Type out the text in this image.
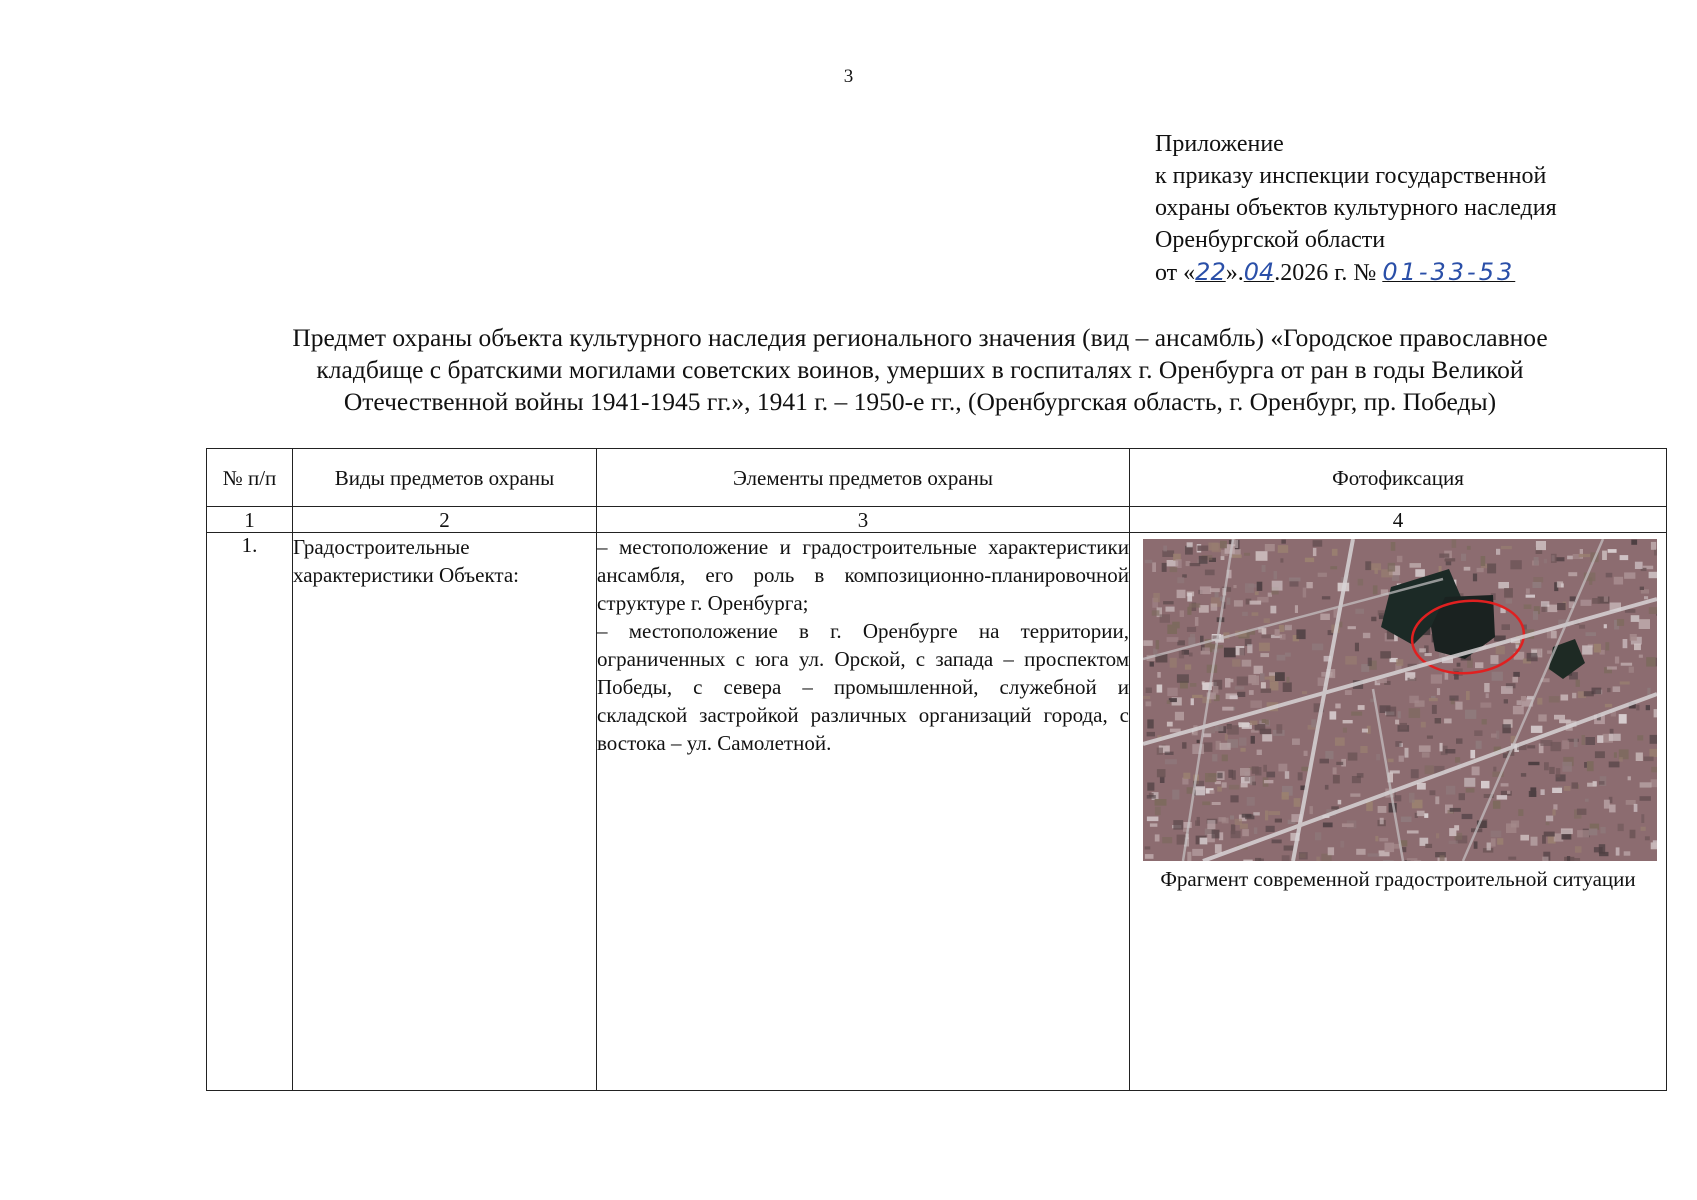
3
Приложение
к приказу инспекции государственной
охраны объектов культурного наследия
Оренбургской области
от «22».04.2026 г. № 01-33-53
Предмет охраны объекта культурного наследия регионального значения (вид – ансамбль) «Городское православное
кладбище с братскими могилами советских воинов, умерших в госпиталях г. Оренбурга от ран в годы Великой
Отечественной войны 1941-1945 гг.», 1941 г. – 1950-е гг., (Оренбургская область, г. Оренбург, пр. Победы)
№ п/п	Виды предметов охраны	Элементы предметов охраны	Фотофиксация
1	2	3	4
1.	Градостроительные характеристики Объекта:	– местоположение и градостроительные характеристики ансамбля, его роль в композиционно-планировочной структуре г. Оренбурга;

– местоположение в г. Оренбурге на территории, ограниченных с юга ул. Орской, с запада – проспектом Победы, с севера – промышленной, служебной и складской застройкой различных организаций города, с востока – ул. Самолетной.	Фрагмент современной градостроительной ситуации
